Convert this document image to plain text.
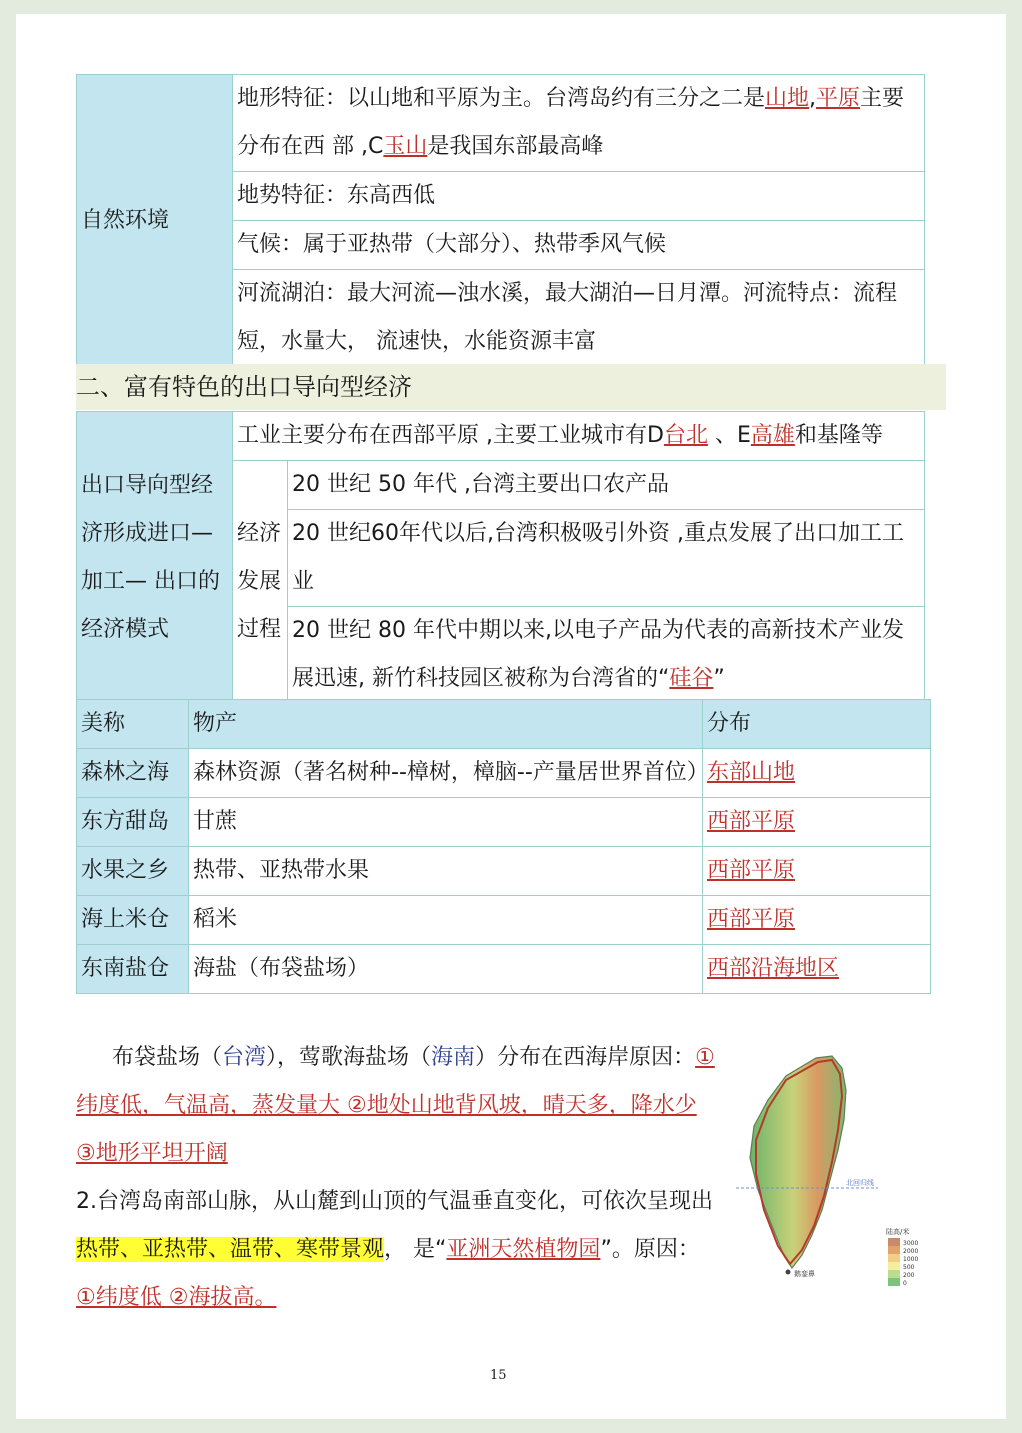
自然环境	地形特征：以山地和平原为主。台湾岛约有三分之二是山地,平原主要分布在西 部 ,C玉山是我国东部最高峰
地势特征：东高西低
气候：属于亚热带（大部分）、热带季风气候
河流湖泊：最大河流—浊水溪，最大湖泊—日月潭。河流特点：流程短，水量大， 流速快，水能资源丰富
二、富有特色的出口导向型经济
出口导向型经济形成进口—加工— 出口的经济模式	工业主要分布在西部平原 ,主要工业城市有D台北 、E高雄和基隆等	
	经济发展过程	20 世纪 50 年代 ,台湾主要出口农产品
		20 世纪60年代以后,台湾积极吸引外资 ,重点发展了出口加工工业
		20 世纪 80 年代中期以来,以电子产品为代表的高新技术产业发展迅速, 新竹科技园区被称为台湾省的“硅谷”
美称	物产	分布
森林之海	森林资源（著名树种--樟树，樟脑--产量居世界首位）	东部山地
东方甜岛	甘蔗	西部平原
水果之乡	热带、亚热带水果	西部平原
海上米仓	稻米	西部平原
东南盐仓	海盐（布袋盐场）	西部沿海地区
布袋盐场（台湾），莺歌海盐场（海南）分布在西海岸原因：①纬度低，气温高，蒸发量大 ②地处山地背风坡，晴天多，降水少 ③地形平坦开阔
2.台湾岛南部山脉，从山麓到山顶的气温垂直变化，可依次呈现出热带、亚热带、温带、寒带景观， 是“亚洲天然植物园”。原因：①纬度低 ②海拔高。
北回归线
鹅銮鼻
陆高/米
3000
2000
1000
500
200
0
15
